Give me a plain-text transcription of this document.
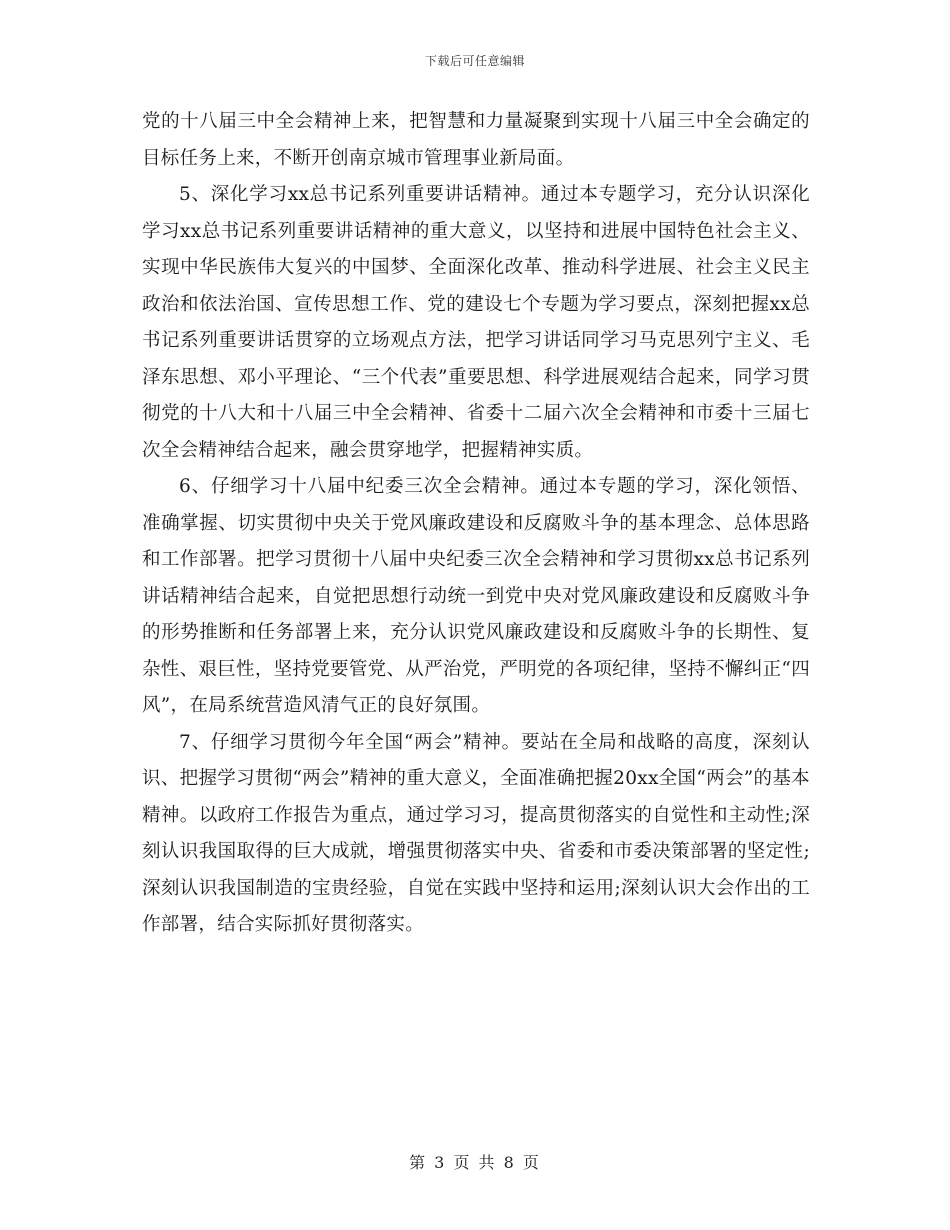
下载后可任意编辑

党的十八届三中全会精神上来，把智慧和力量凝聚到实现十八届三中全会确定的目标任务上来，不断开创南京城市管理事业新局面。

5、深化学习xx总书记系列重要讲话精神。通过本专题学习，充分认识深化学习xx总书记系列重要讲话精神的重大意义，以坚持和进展中国特色社会主义、实现中华民族伟大复兴的中国梦、全面深化改革、推动科学进展、社会主义民主政治和依法治国、宣传思想工作、党的建设七个专题为学习要点，深刻把握xx总书记系列重要讲话贯穿的立场观点方法，把学习讲话同学习马克思列宁主义、毛泽东思想、邓小平理论、“三个代表”重要思想、科学进展观结合起来，同学习贯彻党的十八大和十八届三中全会精神、省委十二届六次全会精神和市委十三届七次全会精神结合起来，融会贯穿地学，把握精神实质。

6、仔细学习十八届中纪委三次全会精神。通过本专题的学习，深化领悟、准确掌握、切实贯彻中央关于党风廉政建设和反腐败斗争的基本理念、总体思路和工作部署。把学习贯彻十八届中央纪委三次全会精神和学习贯彻xx总书记系列讲话精神结合起来，自觉把思想行动统一到党中央对党风廉政建设和反腐败斗争的形势推断和任务部署上来，充分认识党风廉政建设和反腐败斗争的长期性、复杂性、艰巨性，坚持党要管党、从严治党，严明党的各项纪律，坚持不懈纠正“四风”，在局系统营造风清气正的良好氛围。

7、仔细学习贯彻今年全国“两会”精神。要站在全局和战略的高度，深刻认识、把握学习贯彻“两会”精神的重大意义，全面准确把握20xx全国“两会”的基本精神。以政府工作报告为重点，通过学习习，提高贯彻落实的自觉性和主动性;深刻认识我国取得的巨大成就，增强贯彻落实中央、省委和市委决策部署的坚定性;深刻认识我国制造的宝贵经验，自觉在实践中坚持和运用;深刻认识大会作出的工作部署，结合实际抓好贯彻落实。

第 3 页 共 8 页
